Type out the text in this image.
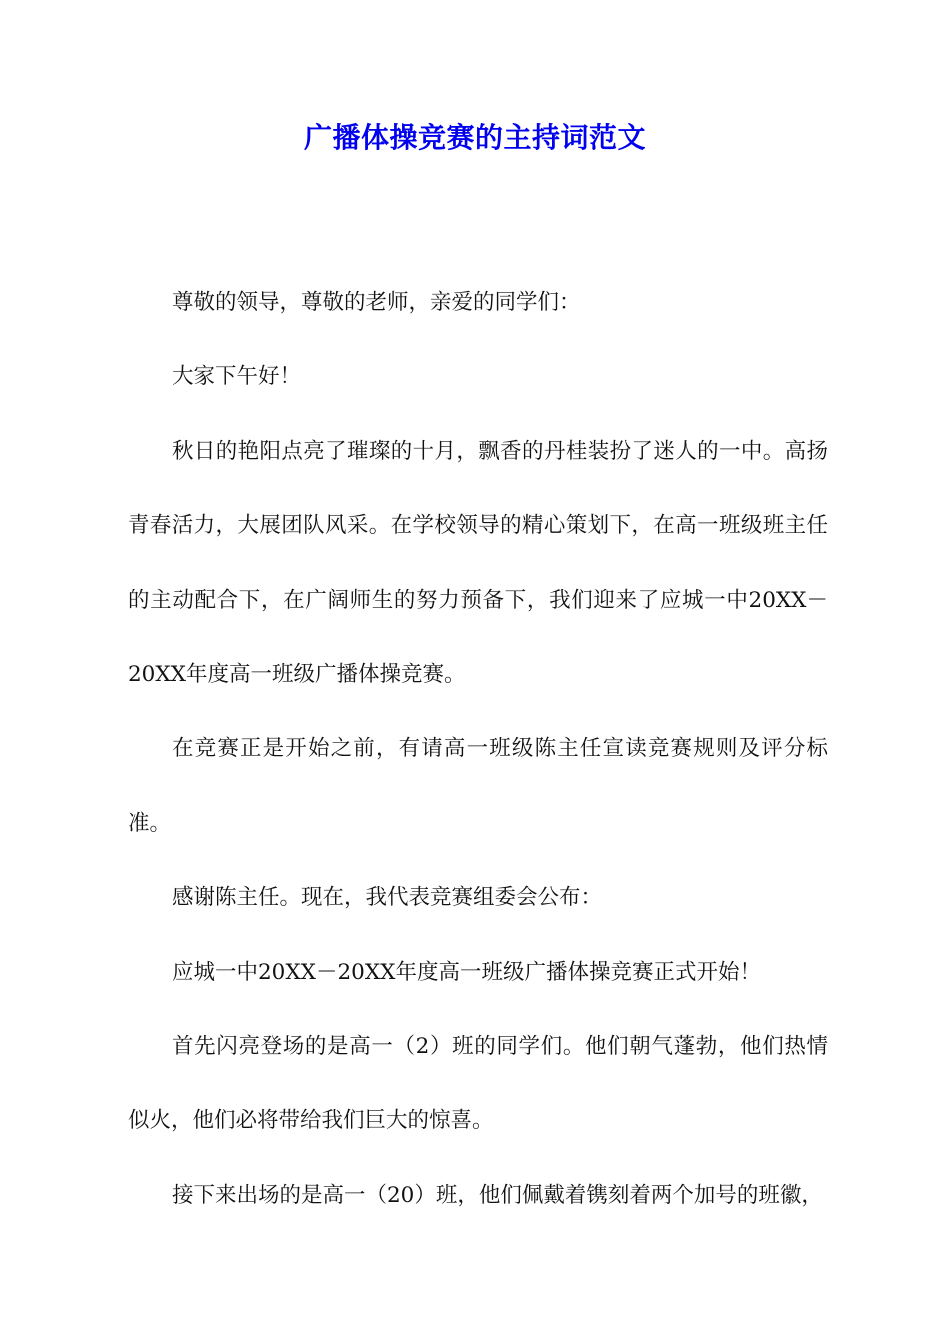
广播体操竞赛的主持词范文

尊敬的领导，尊敬的老师，亲爱的同学们：

大家下午好！

秋日的艳阳点亮了璀璨的十月，飘香的丹桂装扮了迷人的一中。高扬青春活力，大展团队风采。在学校领导的精心策划下，在高一班级班主任的主动配合下，在广阔师生的努力预备下，我们迎来了应城一中20XX－20XX年度高一班级广播体操竞赛。

在竞赛正是开始之前，有请高一班级陈主任宣读竞赛规则及评分标准。

感谢陈主任。现在，我代表竞赛组委会公布：

应城一中20XX－20XX年度高一班级广播体操竞赛正式开始！

首先闪亮登场的是高一（2）班的同学们。他们朝气蓬勃，他们热情似火，他们必将带给我们巨大的惊喜。

接下来出场的是高一（20）班，他们佩戴着镌刻着两个加号的班徽，
